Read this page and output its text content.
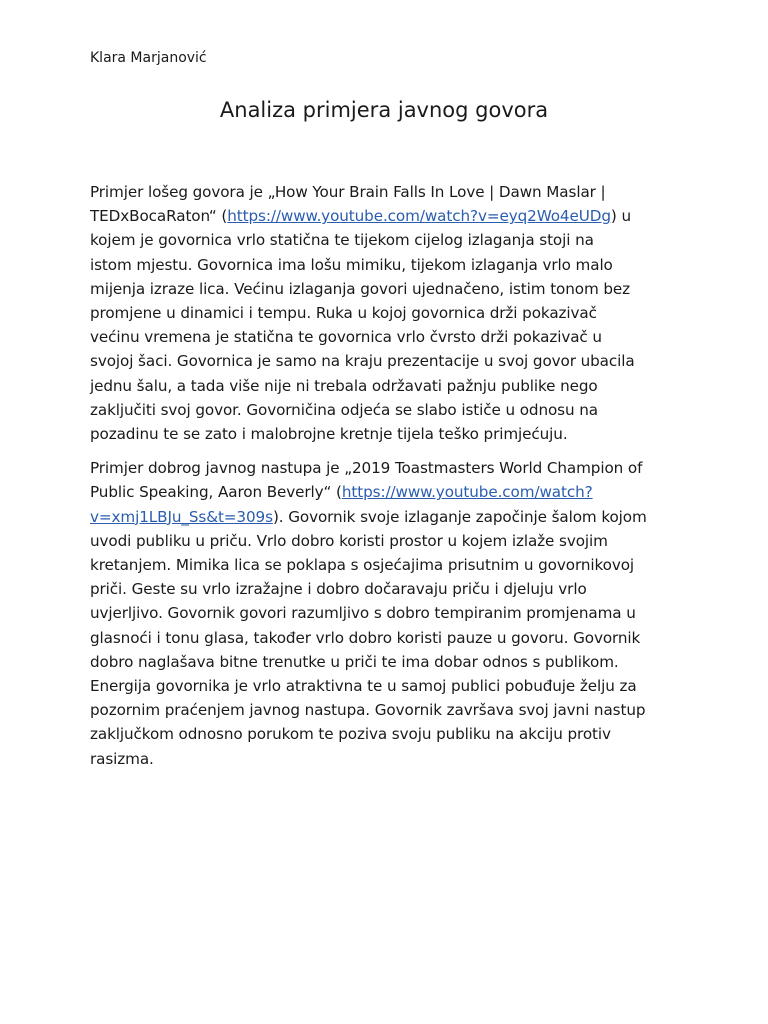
Klara Marjanović
Analiza primjera javnog govora

Primjer lošeg govora je „How Your Brain Falls In Love | Dawn Maslar |
TEDxBocaRaton“ (https://www.youtube.com/watch?v=eyq2Wo4eUDg) u
kojem je govornica vrlo statična te tijekom cijelog izlaganja stoji na
istom mjestu. Govornica ima lošu mimiku, tijekom izlaganja vrlo malo
mijenja izraze lica. Većinu izlaganja govori ujednačeno, istim tonom bez
promjene u dinamici i tempu. Ruka u kojoj govornica drži pokazivač
većinu vremena je statična te govornica vrlo čvrsto drži pokazivač u
svojoj šaci. Govornica je samo na kraju prezentacije u svoj govor ubacila
jednu šalu, a tada više nije ni trebala održavati pažnju publike nego
zaključiti svoj govor. Govorničina odjeća se slabo ističe u odnosu na
pozadinu te se zato i malobrojne kretnje tijela teško primjećuju.

Primjer dobrog javnog nastupa je „2019 Toastmasters World Champion of
Public Speaking, Aaron Beverly“ (https://www.youtube.com/watch?
v=xmj1LBJu_Ss&t=309s). Govornik svoje izlaganje započinje šalom kojom
uvodi publiku u priču. Vrlo dobro koristi prostor u kojem izlaže svojim
kretanjem. Mimika lica se poklapa s osjećajima prisutnim u govornikovoj
priči. Geste su vrlo izražajne i dobro dočaravaju priču i djeluju vrlo
uvjerljivo. Govornik govori razumljivo s dobro tempiranim promjenama u
glasnoći i tonu glasa, također vrlo dobro koristi pauze u govoru. Govornik
dobro naglašava bitne trenutke u priči te ima dobar odnos s publikom.
Energija govornika je vrlo atraktivna te u samoj publici pobuđuje želju za
pozornim praćenjem javnog nastupa. Govornik završava svoj javni nastup
zaključkom odnosno porukom te poziva svoju publiku na akciju protiv
rasizma.
